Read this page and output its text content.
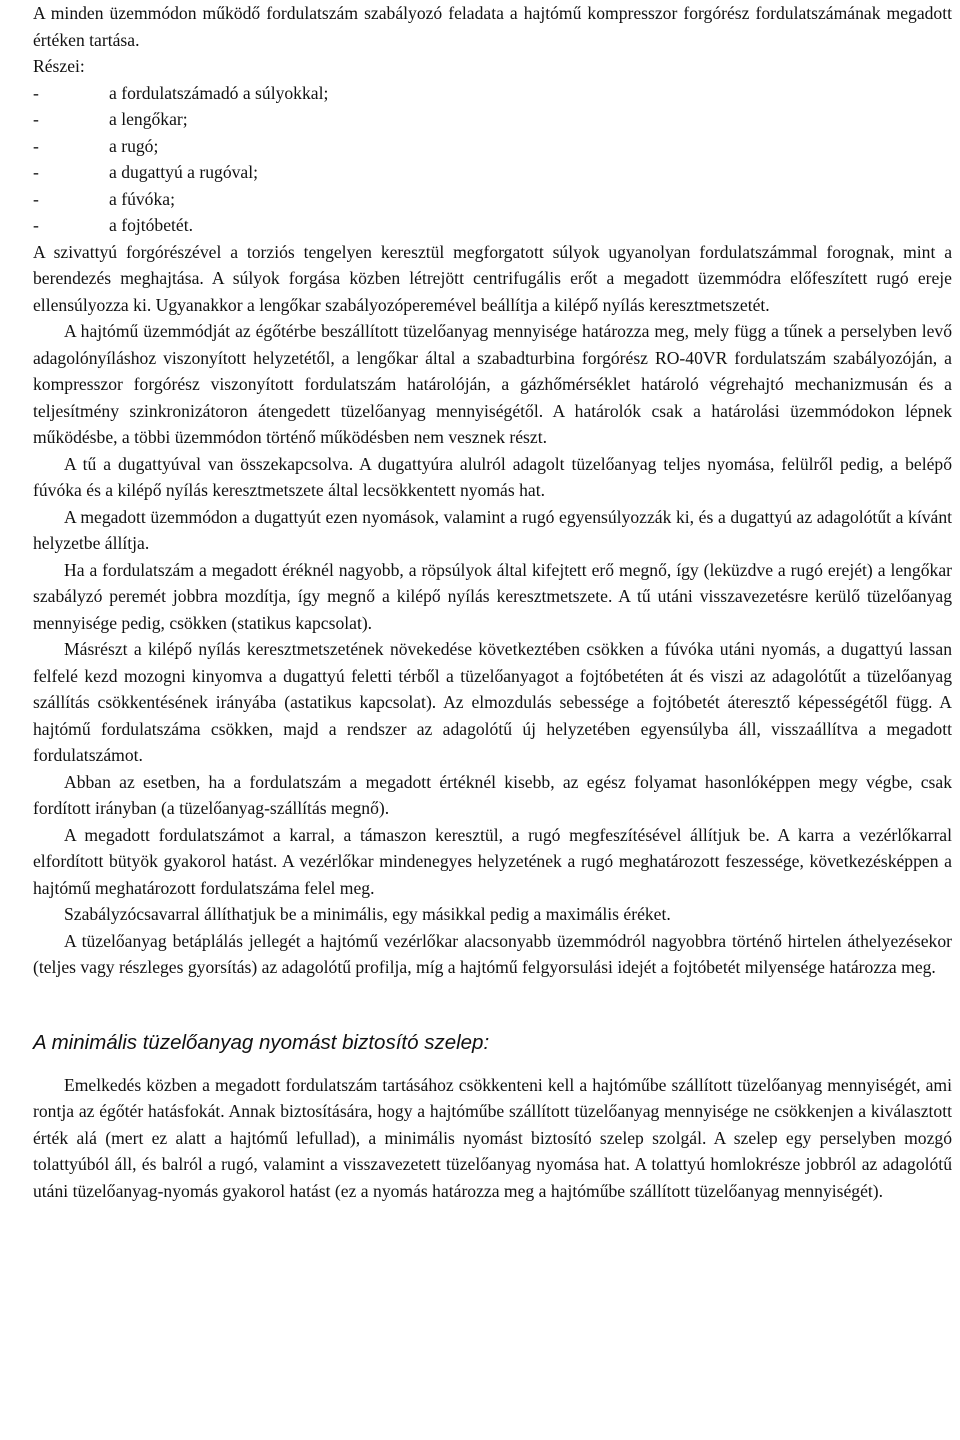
A minden üzemmódon működő fordulatszám szabályozó feladata a hajtómű kompresszor forgórész fordulatszámának megadott értéken tartása.

Részei:

-	a fordulatszámadó a súlyokkal;
-	a lengőkar;
-	a rugó;
-	a dugattyú a rugóval;
-	a fúvóka;
-	a fojtóbetét.

A szivattyú forgórészével a torziós tengelyen keresztül megforgatott súlyok ugyanolyan fordulatszámmal forognak, mint a berendezés meghajtása. A súlyok forgása közben létrejött centrifugális erőt a megadott üzemmódra előfeszített rugó ereje ellensúlyozza ki. Ugyanakkor a lengőkar szabályozóperemével beállítja a kilépő nyílás keresztmetszetét.

A hajtómű üzemmódját az égőtérbe beszállított tüzelőanyag mennyisége határozza meg, mely függ a tűnek a perselyben levő adagolónyíláshoz viszonyított helyzetétől, a lengőkar által a szabadturbina forgórész RO-40VR fordulatszám szabályozóján, a kompresszor forgórész viszonyított fordulatszám határolóján, a gázhőmérséklet határoló végrehajtó mechanizmusán és a teljesítmény szinkronizátoron átengedett tüzelőanyag mennyiségétől. A határolók csak a határolási üzemmódokon lépnek működésbe, a többi üzemmódon történő működésben nem vesznek részt.

A tű a dugattyúval van összekapcsolva. A dugattyúra alulról adagolt tüzelőanyag teljes nyomása, felülről pedig, a belépő fúvóka és a kilépő nyílás keresztmetszete által lecsökkentett nyomás hat.

A megadott üzemmódon a dugattyút ezen nyomások, valamint a rugó egyensúlyozzák ki, és a dugattyú az adagolótűt a kívánt helyzetbe állítja.

Ha a fordulatszám a megadott éréknél nagyobb, a röpsúlyok által kifejtett erő megnő, így (leküzdve a rugó erejét) a lengőkar szabályzó peremét jobbra mozdítja, így megnő a kilépő nyílás keresztmetszete. A tű utáni visszavezetésre kerülő tüzelőanyag mennyisége pedig, csökken (statikus kapcsolat).

Másrészt a kilépő nyílás keresztmetszetének növekedése következtében csökken a fúvóka utáni nyomás, a dugattyú lassan felfelé kezd mozogni kinyomva a dugattyú feletti térből a tüzelőanyagot a fojtóbetéten át és viszi az adagolótűt a tüzelőanyag szállítás csökkentésének irányába (astatikus kapcsolat). Az elmozdulás sebessége a fojtóbetét áteresztő képességétől függ. A hajtómű fordulatszáma csökken, majd a rendszer az adagolótű új helyzetében egyensúlyba áll, visszaállítva a megadott fordulatszámot.

Abban az esetben, ha a fordulatszám a megadott értéknél kisebb, az egész folyamat hasonlóképpen megy végbe, csak fordított irányban (a tüzelőanyag-szállítás megnő).

A megadott fordulatszámot a karral, a támaszon keresztül, a rugó megfeszítésével állítjuk be. A karra a vezérlőkarral elfordított bütyök gyakorol hatást. A vezérlőkar mindenegyes helyzetének a rugó meghatározott feszessége, következésképpen a hajtómű meghatározott fordulatszáma felel meg.

Szabályzócsavarral állíthatjuk be a minimális, egy másikkal pedig a maximális éréket.

A tüzelőanyag betáplálás jellegét a hajtómű vezérlőkar alacsonyabb üzemmódról nagyobbra történő hirtelen áthelyezésekor (teljes vagy részleges gyorsítás) az adagolótű profilja, míg a hajtómű felgyorsulási idejét a fojtóbetét milyensége határozza meg.

A minimális tüzelőanyag nyomást biztosító szelep:

Emelkedés közben a megadott fordulatszám tartásához csökkenteni kell a hajtóműbe szállított tüzelőanyag mennyiségét, ami rontja az égőtér hatásfokát. Annak biztosítására, hogy a hajtóműbe szállított tüzelőanyag mennyisége ne csökkenjen a kiválasztott érték alá (mert ez alatt a hajtómű lefullad), a minimális nyomást biztosító szelep szolgál. A szelep egy perselyben mozgó tolattyúból áll, és balról a rugó, valamint a visszavezetett tüzelőanyag nyomása hat. A tolattyú homlokrésze jobbról az adagolótű utáni tüzelőanyag-nyomás gyakorol hatást (ez a nyomás határozza meg a hajtóműbe szállított tüzelőanyag mennyiségét).
